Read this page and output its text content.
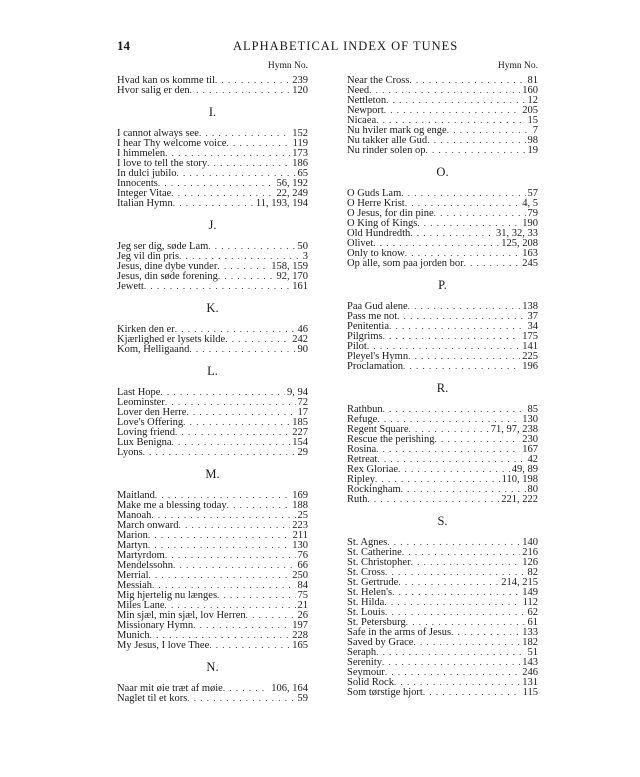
14	ALPHABETICAL INDEX OF TUNES
Hymn No.
Hvad kan os komme til . . .	239
Hvor salig er den . . .	120
I.
I cannot always see . . .	152
I hear Thy welcome voice . . .	119
I himmelen . . .	173
I love to tell the story . . .	186
In dulci jubilo . . .	65
Innocents . . .	56, 192
Integer Vitae . . .	22, 249
Italian Hymn . . .	11, 193, 194
J.
Jeg ser dig, søde Lam . . .	50
Jeg vil din pris . . .	3
Jesus, dine dybe vunder . . .	158, 159
Jesus, din søde forening . . .	92, 170
Jewett . . .	161
K.
Kirken den er . . .	46
Kjærlighed er lysets kilde . . .	242
Kom, Helligaand . . .	90
L.
Last Hope . . .	9, 94
Leominster . . .	72
Lover den Herre . . .	17
Love's Offering . . .	185
Loving friend . . .	227
Lux Benigna . . .	154
Lyons . . .	29
M.
Maitland . . .	169
Make me a blessing today . . .	188
Manoah . . .	25
March onward . . .	223
Marion . . .	211
Martyn . . .	130
Martyrdom . . .	76
Mendelssohn . . .	66
Merrial . . .	250
Messiah . . .	84
Mig hjertelig nu længes . . .	75
Miles Lane . . .	21
Min sjæl, min sjæl, lov Herren . . .	26
Missionary Hymn . . .	197
Munich . . .	228
My Jesus, I love Thee . . .	165
N.
Naar mit øie træt af møie . . .	106, 164
Naglet til et kors . . .	59
Hymn No.
Near the Cross . . .	81
Need . . .	160
Nettleton . . .	12
Newport . . .	205
Nicaea . . .	15
Nu hviler mark og enge . . .	7
Nu takker alle Gud . . .	98
Nu rinder solen op . . .	19
O.
O Guds Lam . . .	57
O Herre Krist . . .	4, 5
O Jesus, for din pine . . .	79
O King of Kings . . .	190
Old Hundredth . . .	31, 32, 33
Olivet . . .	125, 208
Only to know . . .	163
Op alle, som paa jorden bor . . .	245
P.
Paa Gud alene . . .	138
Pass me not . . .	37
Penitentia . . .	34
Pilgrims . . .	175
Pilot . . .	141
Pleyel's Hymn . . .	225
Proclamation . . .	196
R.
Rathbun . . .	85
Refuge . . .	130
Regent Square . . .	71, 97, 238
Rescue the perishing . . .	230
Rosina . . .	167
Retreat . . .	42
Rex Gloriae . . .	49, 89
Ripley . . .	110, 198
Rockingham . . .	80
Ruth . . .	221, 222
S.
St. Agnes . . .	140
St. Catherine . . .	216
St. Christopher . . .	126
St. Cross . . .	82
St. Gertrude . . .	214, 215
St. Helen's . . .	149
St. Hilda . . .	112
St. Louis . . .	62
St. Petersburg . . .	61
Safe in the arms of Jesus . . .	133
Saved by Grace . . .	182
Seraph . . .	51
Serenity . . .	143
Seymour . . .	246
Solid Rock . . .	131
Som tørstige hjort . . .	115
